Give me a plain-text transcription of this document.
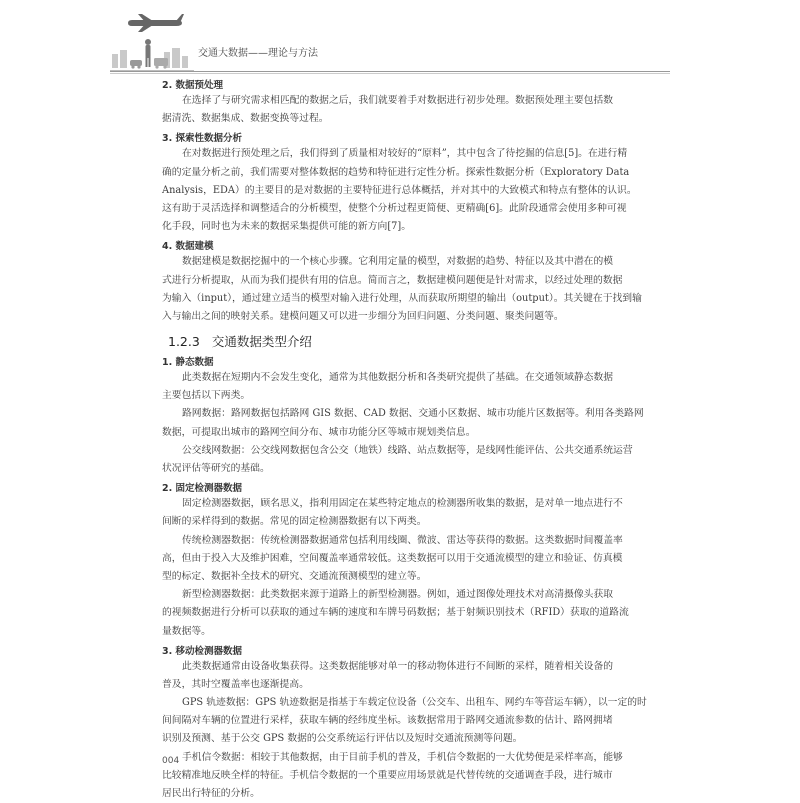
交通大数据——理论与方法
2. 数据预处理

在选择了与研究需求相匹配的数据之后，我们就要着手对数据进行初步处理。数据预处理主要包括数
据清洗、数据集成、数据变换等过程。

3. 探索性数据分析

在对数据进行预处理之后，我们得到了质量相对较好的“原料”，其中包含了待挖掘的信息[5]。在进行精
确的定量分析之前，我们需要对整体数据的趋势和特征进行定性分析。探索性数据分析（Exploratory Data
Analysis，EDA）的主要目的是对数据的主要特征进行总体概括，并对其中的大致模式和特点有整体的认识。
这有助于灵活选择和调整适合的分析模型，使整个分析过程更简便、更精确[6]。此阶段通常会使用多种可视
化手段，同时也为未来的数据采集提供可能的新方向[7]。

4. 数据建模

数据建模是数据挖掘中的一个核心步骤。它利用定量的模型，对数据的趋势、特征以及其中潜在的模
式进行分析提取，从而为我们提供有用的信息。简而言之，数据建模问题便是针对需求，以经过处理的数据
为输入（input），通过建立适当的模型对输入进行处理，从而获取所期望的输出（output）。其关键在于找到输
入与输出之间的映射关系。建模问题又可以进一步细分为回归问题、分类问题、聚类问题等。

1.2.3 交通数据类型介绍
1. 静态数据

此类数据在短期内不会发生变化，通常为其他数据分析和各类研究提供了基础。在交通领域静态数据
主要包括以下两类。

路网数据：路网数据包括路网 GIS 数据、CAD 数据、交通小区数据、城市功能片区数据等。利用各类路网
数据，可提取出城市的路网空间分布、城市功能分区等城市规划类信息。

公交线网数据：公交线网数据包含公交（地铁）线路、站点数据等，是线网性能评估、公共交通系统运营
状况评估等研究的基础。

2. 固定检测器数据

固定检测器数据，顾名思义，指利用固定在某些特定地点的检测器所收集的数据，是对单一地点进行不
间断的采样得到的数据。常见的固定检测器数据有以下两类。

传统检测器数据：传统检测器数据通常包括利用线圈、微波、雷达等获得的数据。这类数据时间覆盖率
高，但由于投入大及维护困难，空间覆盖率通常较低。这类数据可以用于交通流模型的建立和验证、仿真模
型的标定、数据补全技术的研究、交通流预测模型的建立等。

新型检测器数据：此类数据来源于道路上的新型检测器。例如，通过图像处理技术对高清摄像头获取
的视频数据进行分析可以获取的通过车辆的速度和车牌号码数据；基于射频识别技术（RFID）获取的道路流
量数据等。

3. 移动检测器数据

此类数据通常由设备收集获得。这类数据能够对单一的移动物体进行不间断的采样，随着相关设备的
普及，其时空覆盖率也逐渐提高。

GPS 轨迹数据：GPS 轨迹数据是指基于车载定位设备（公交车、出租车、网约车等营运车辆），以一定的时
间间隔对车辆的位置进行采样，获取车辆的经纬度坐标。该数据常用于路网交通流参数的估计、路网拥堵
识别及预测、基于公交 GPS 数据的公交系统运行评估以及短时交通流预测等问题。

手机信令数据：相较于其他数据，由于目前手机的普及，手机信令数据的一大优势便是采样率高，能够
比较精准地反映全样的特征。手机信令数据的一个重要应用场景就是代替传统的交通调查手段，进行城市
居民出行特征的分析。

004
